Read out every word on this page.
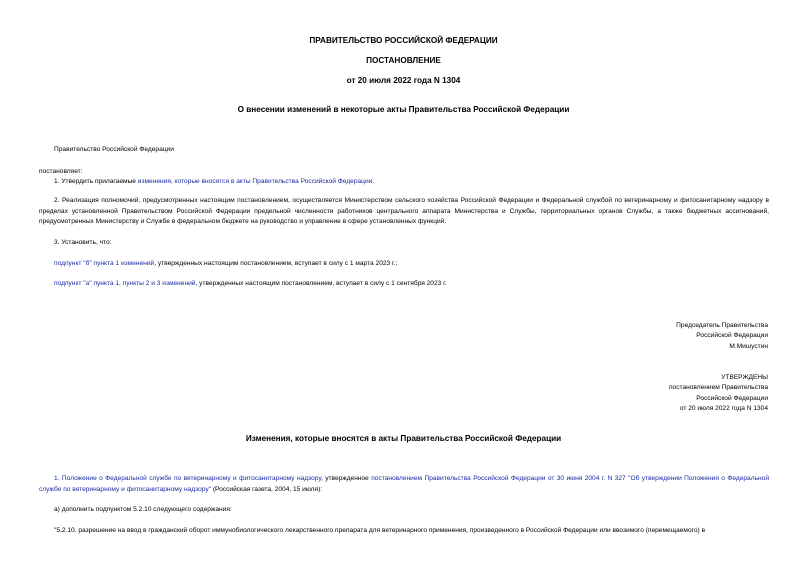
ПРАВИТЕЛЬСТВО РОССИЙСКОЙ ФЕДЕРАЦИИ
ПОСТАНОВЛЕНИЕ
от 20 июля 2022 года N 1304
О внесении изменений в некоторые акты Правительства Российской Федерации
Правительство Российской Федерации
постановляет:
1. Утвердить прилагаемые изменения, которые вносятся в акты Правительства Российской Федерации.
2. Реализация полномочий, предусмотренных настоящим постановлением, осуществляется Министерством сельского хозяйства Российской Федерации и Федеральной службой по ветеринарному и фитосанитарному надзору в пределах установленной Правительством Российской Федерации предельной численности работников центрального аппарата Министерства и Службы, территориальных органов Службы, а также бюджетных ассигнований, предусмотренных Министерству и Службе в федеральном бюджете на руководство и управление в сфере установленных функций.
3. Установить, что:
подпункт "б" пункта 1 изменений, утвержденных настоящим постановлением, вступает в силу с 1 марта 2023 г.;
подпункт "а" пункта 1, пункты 2 и 3 изменений, утвержденных настоящим постановлением, вступает в силу с 1 сентября 2023 г.
Председатель Правительства
Российской Федерации
М.Мишустин
УТВЕРЖДЕНЫ
постановлением Правительства
Российской Федерации
от 20 июля 2022 года N 1304
Изменения, которые вносятся в акты Правительства Российской Федерации
1. Положение о Федеральной службе по ветеринарному и фитосанитарному надзору, утвержденное постановлением Правительства Российской Федерации от 30 июня 2004 г. N 327 "Об утверждении Положения о Федеральной службе по ветеринарному и фитосанитарному надзору" (Российская газета, 2004, 15 июля):
а) дополнить подпунктом 5.2.10 следующего содержания:
"5.2.10. разрешение на ввод в гражданский оборот иммунобиологического лекарственного препарата для ветеринарного применения, произведенного в Российской Федерации или ввозимого (перемещаемого) в
